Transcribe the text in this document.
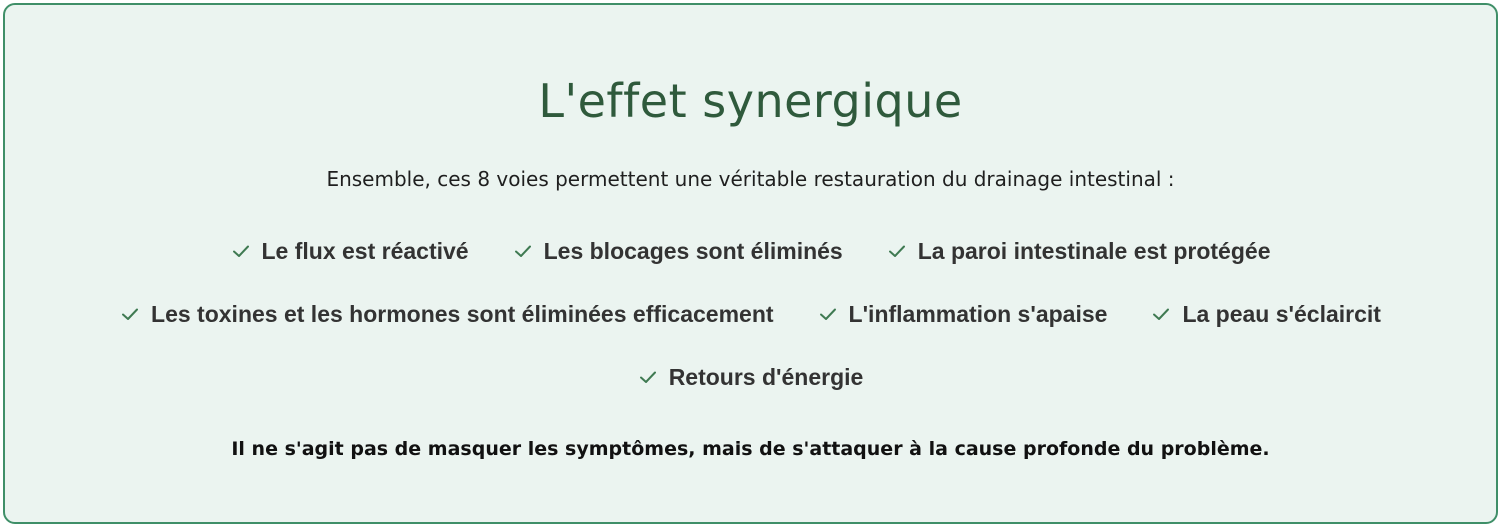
L'effet synergique

Ensemble, ces 8 voies permettent une véritable restauration du drainage intestinal :

Le flux est réactivé	Les blocages sont éliminés	La paroi intestinale est protégée
Les toxines et les hormones sont éliminées efficacement	L'inflammation s'apaise	La peau s'éclaircit
Retours d'énergie

Il ne s'agit pas de masquer les symptômes, mais de s'attaquer à la cause profonde du problème.
